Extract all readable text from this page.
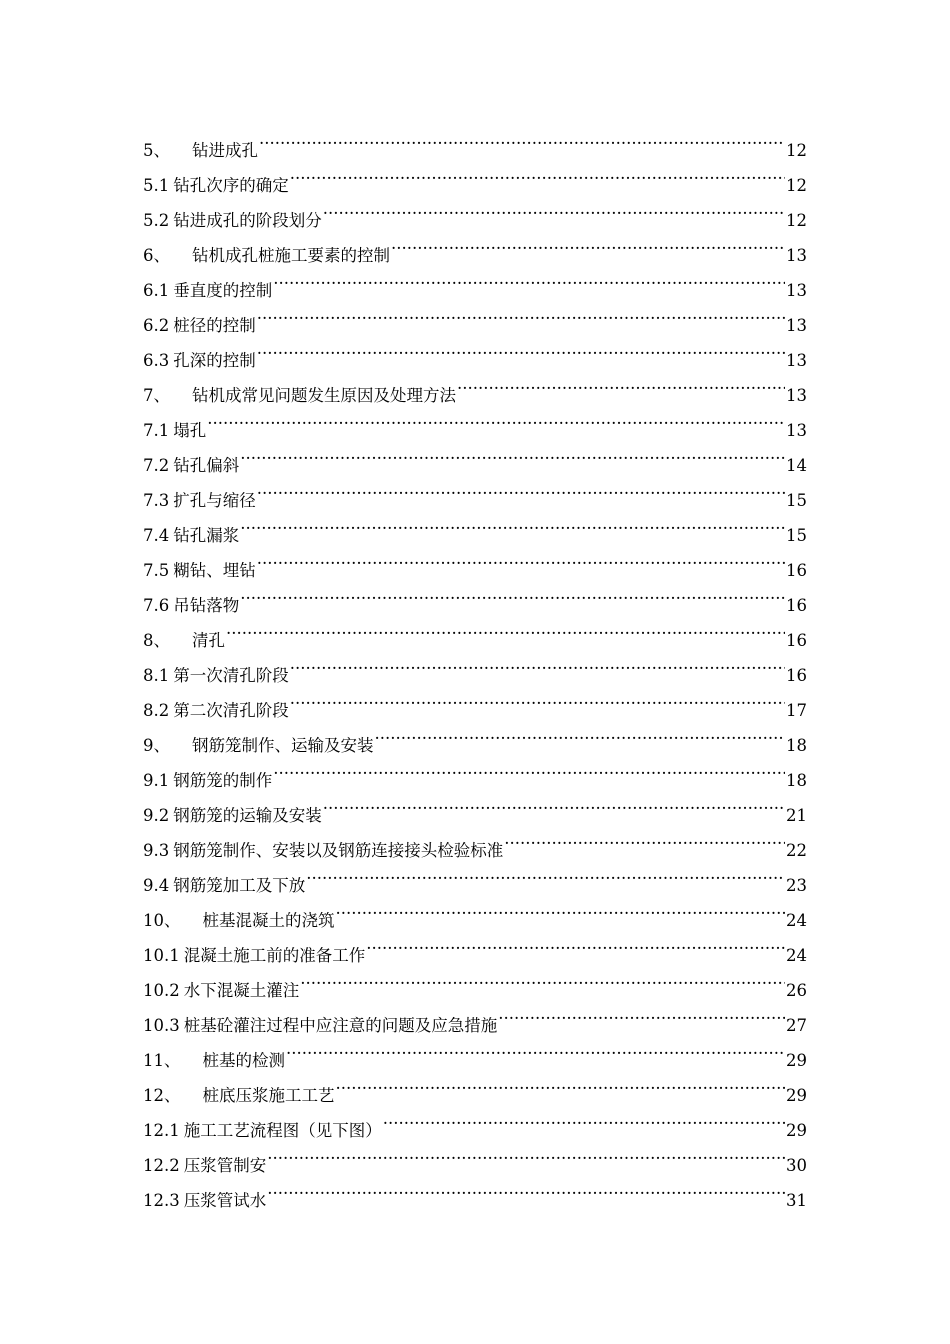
5、 钻进成孔 .....	12
5.1 钻孔次序的确定 .....	12
5.2 钻进成孔的阶段划分 .....	12
6、 钻机成孔桩施工要素的控制 .....	13
6.1 垂直度的控制 .....	13
6.2 桩径的控制 .....	13
6.3 孔深的控制 .....	13
7、 钻机成常见问题发生原因及处理方法 .....	13
7.1 塌孔 .....	13
7.2 钻孔偏斜 .....	14
7.3 扩孔与缩径 .....	15
7.4 钻孔漏浆 .....	15
7.5 糊钻、埋钻 .....	16
7.6 吊钻落物 .....	16
8、 清孔 .....	16
8.1 第一次清孔阶段 .....	16
8.2 第二次清孔阶段 .....	17
9、 钢筋笼制作、运输及安装 .....	18
9.1 钢筋笼的制作 .....	18
9.2 钢筋笼的运输及安装 .....	21
9.3 钢筋笼制作、安装以及钢筋连接接头检验标准 .....	22
9.4 钢筋笼加工及下放 .....	23
10、 桩基混凝土的浇筑 .....	24
10.1 混凝土施工前的准备工作 .....	24
10.2 水下混凝土灌注 .....	26
10.3 桩基砼灌注过程中应注意的问题及应急措施 .....	27
11、 桩基的检测 .....	29
12、 桩底压浆施工工艺 .....	29
12.1 施工工艺流程图（见下图） .....	29
12.2 压浆管制安 .....	30
12.3 压浆管试水 .....	31
